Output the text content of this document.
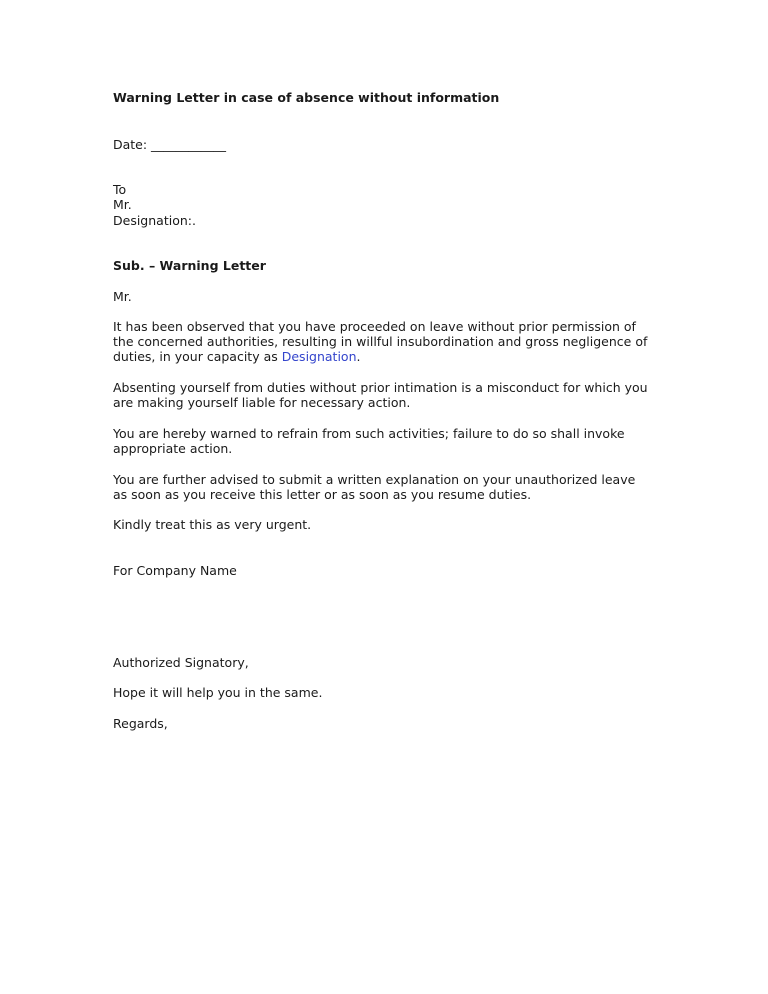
Warning Letter in case of absence without information
Date: ____________
To
Mr.
Designation:.
Sub. – Warning Letter
Mr.
It has been observed that you have proceeded on leave without prior permission of
the concerned authorities, resulting in willful insubordination and gross negligence of
duties, in your capacity as Designation.
Absenting yourself from duties without prior intimation is a misconduct for which you
are making yourself liable for necessary action.
You are hereby warned to refrain from such activities; failure to do so shall invoke
appropriate action.
You are further advised to submit a written explanation on your unauthorized leave
as soon as you receive this letter or as soon as you resume duties.
Kindly treat this as very urgent.
For Company Name
Authorized Signatory,
Hope it will help you in the same.
Regards,
